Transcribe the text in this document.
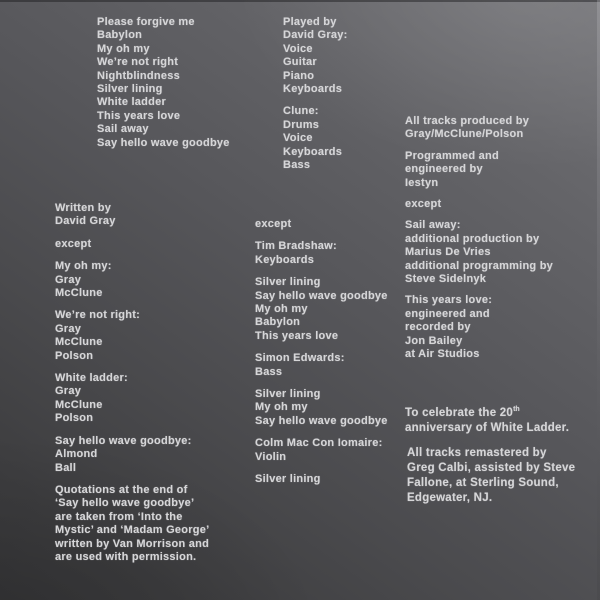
Please forgive me
Babylon
My oh my
We’re not right
Nightblindness
Silver lining
White ladder
This years love
Sail away
Say hello wave goodbye
Written by
David Gray
except
My oh my:
Gray
McClune
We’re not right:
Gray
McClune
Polson
White ladder:
Gray
McClune
Polson
Say hello wave goodbye:
Almond
Ball
Quotations at the end of
‘Say hello wave goodbye’
are taken from ‘Into the
Mystic’ and ‘Madam George’
written by Van Morrison and
are used with permission.
Played by
David Gray:
Voice
Guitar
Piano
Keyboards
Clune:
Drums
Voice
Keyboards
Bass
except
Tim Bradshaw:
Keyboards
Silver lining
Say hello wave goodbye
My oh my
Babylon
This years love
Simon Edwards:
Bass
Silver lining
My oh my
Say hello wave goodbye
Colm Mac Con Iomaire:
Violin
Silver lining
All tracks produced by
Gray/McClune/Polson
Programmed and
engineered by
Iestyn
except
Sail away:
additional production by
Marius De Vries
additional programming by
Steve Sidelnyk
This years love:
engineered and
recorded by
Jon Bailey
at Air Studios
To celebrate the 20th
anniversary of White Ladder.
All tracks remastered by
Greg Calbi, assisted by Steve
Fallone, at Sterling Sound,
Edgewater, NJ.
